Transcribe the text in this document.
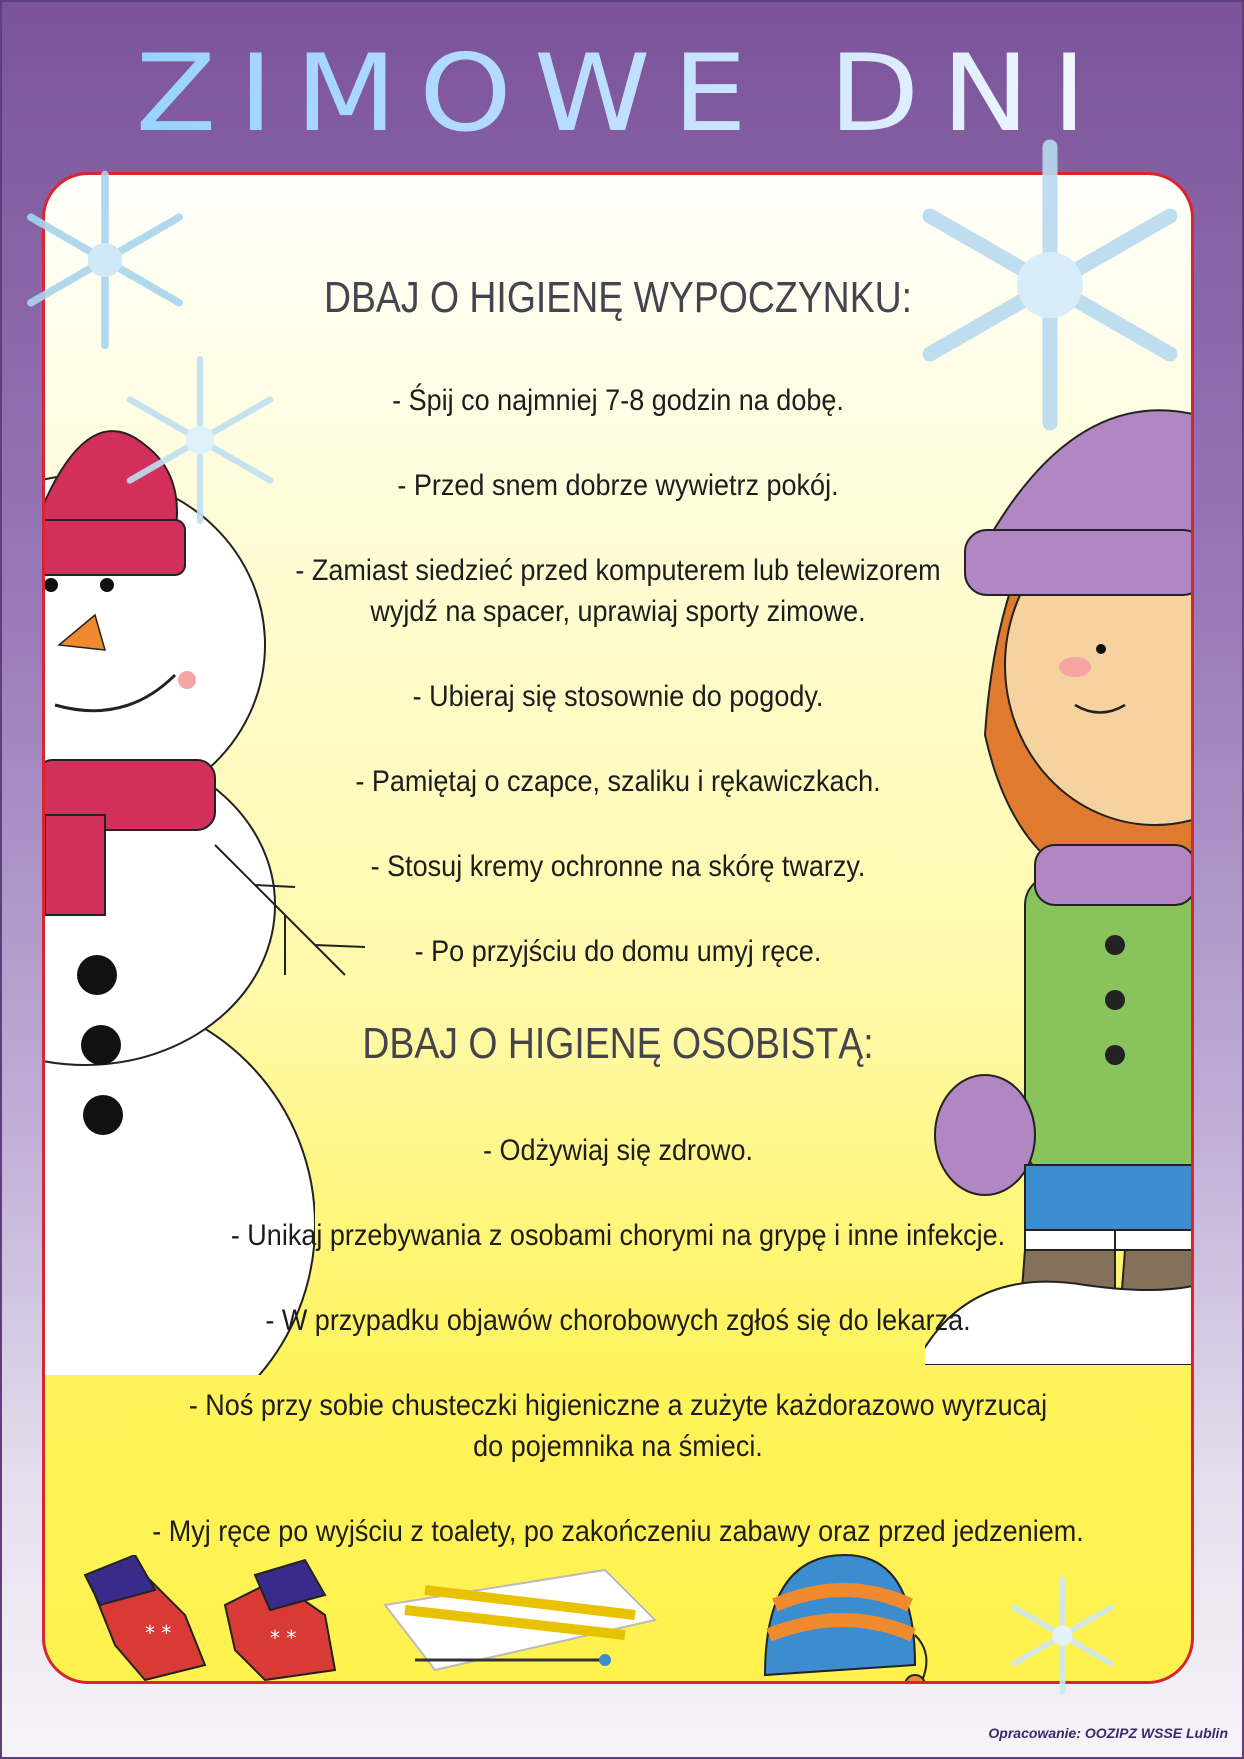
ZIMOWE DNI
* *	* *
DBAJ O HIGIENĘ WYPOCZYNKU:
- Śpij co najmniej 7-8 godzin na dobę.
- Przed snem dobrze wywietrz pokój.
- Zamiast siedzieć przed komputerem lub telewizorem
wyjdź na spacer, uprawiaj sporty zimowe.
- Ubieraj się stosownie do pogody.
- Pamiętaj o czapce, szaliku i rękawiczkach.
- Stosuj kremy ochronne na skórę twarzy.
- Po przyjściu do domu umyj ręce.
DBAJ O HIGIENĘ OSOBISTĄ:
- Odżywiaj się zdrowo.
- Unikaj przebywania z osobami chorymi na grypę i inne infekcje.
- W przypadku objawów chorobowych zgłoś się do lekarza.
- Noś przy sobie chusteczki higieniczne a zużyte każdorazowo wyrzucaj
do pojemnika na śmieci.
- Myj ręce po wyjściu z toalety, po zakończeniu zabawy oraz przed jedzeniem.
Opracowanie: OOZIPZ WSSE Lublin
